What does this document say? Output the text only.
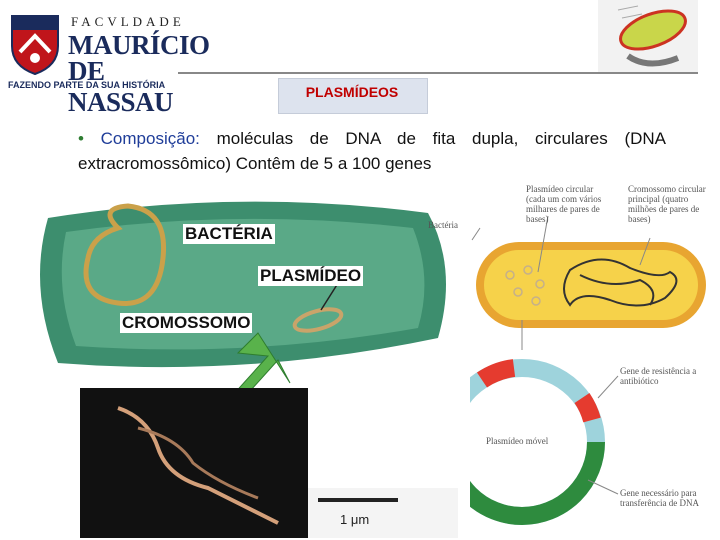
FACVLDADE
MAURÍCIO
DE NASSAU
FAZENDO PARTE DA SUA HISTÓRIA	PLASMÍDEOS
• Composição: moléculas de DNA de fita dupla, circulares (DNA extracromossômico) Contêm de 5 a 100 genes
BACTÉRIA
PLASMÍDEO
CROMOSSOMO
1 μm
Plasmídeo circular (cada um com vários milhares de pares de bases)
Cromossomo circular principal (quatro milhões de pares de bases)
Bactéria
Gene de resistência a antibiótico
Plasmídeo móvel
Gene necessário para transferência de DNA
